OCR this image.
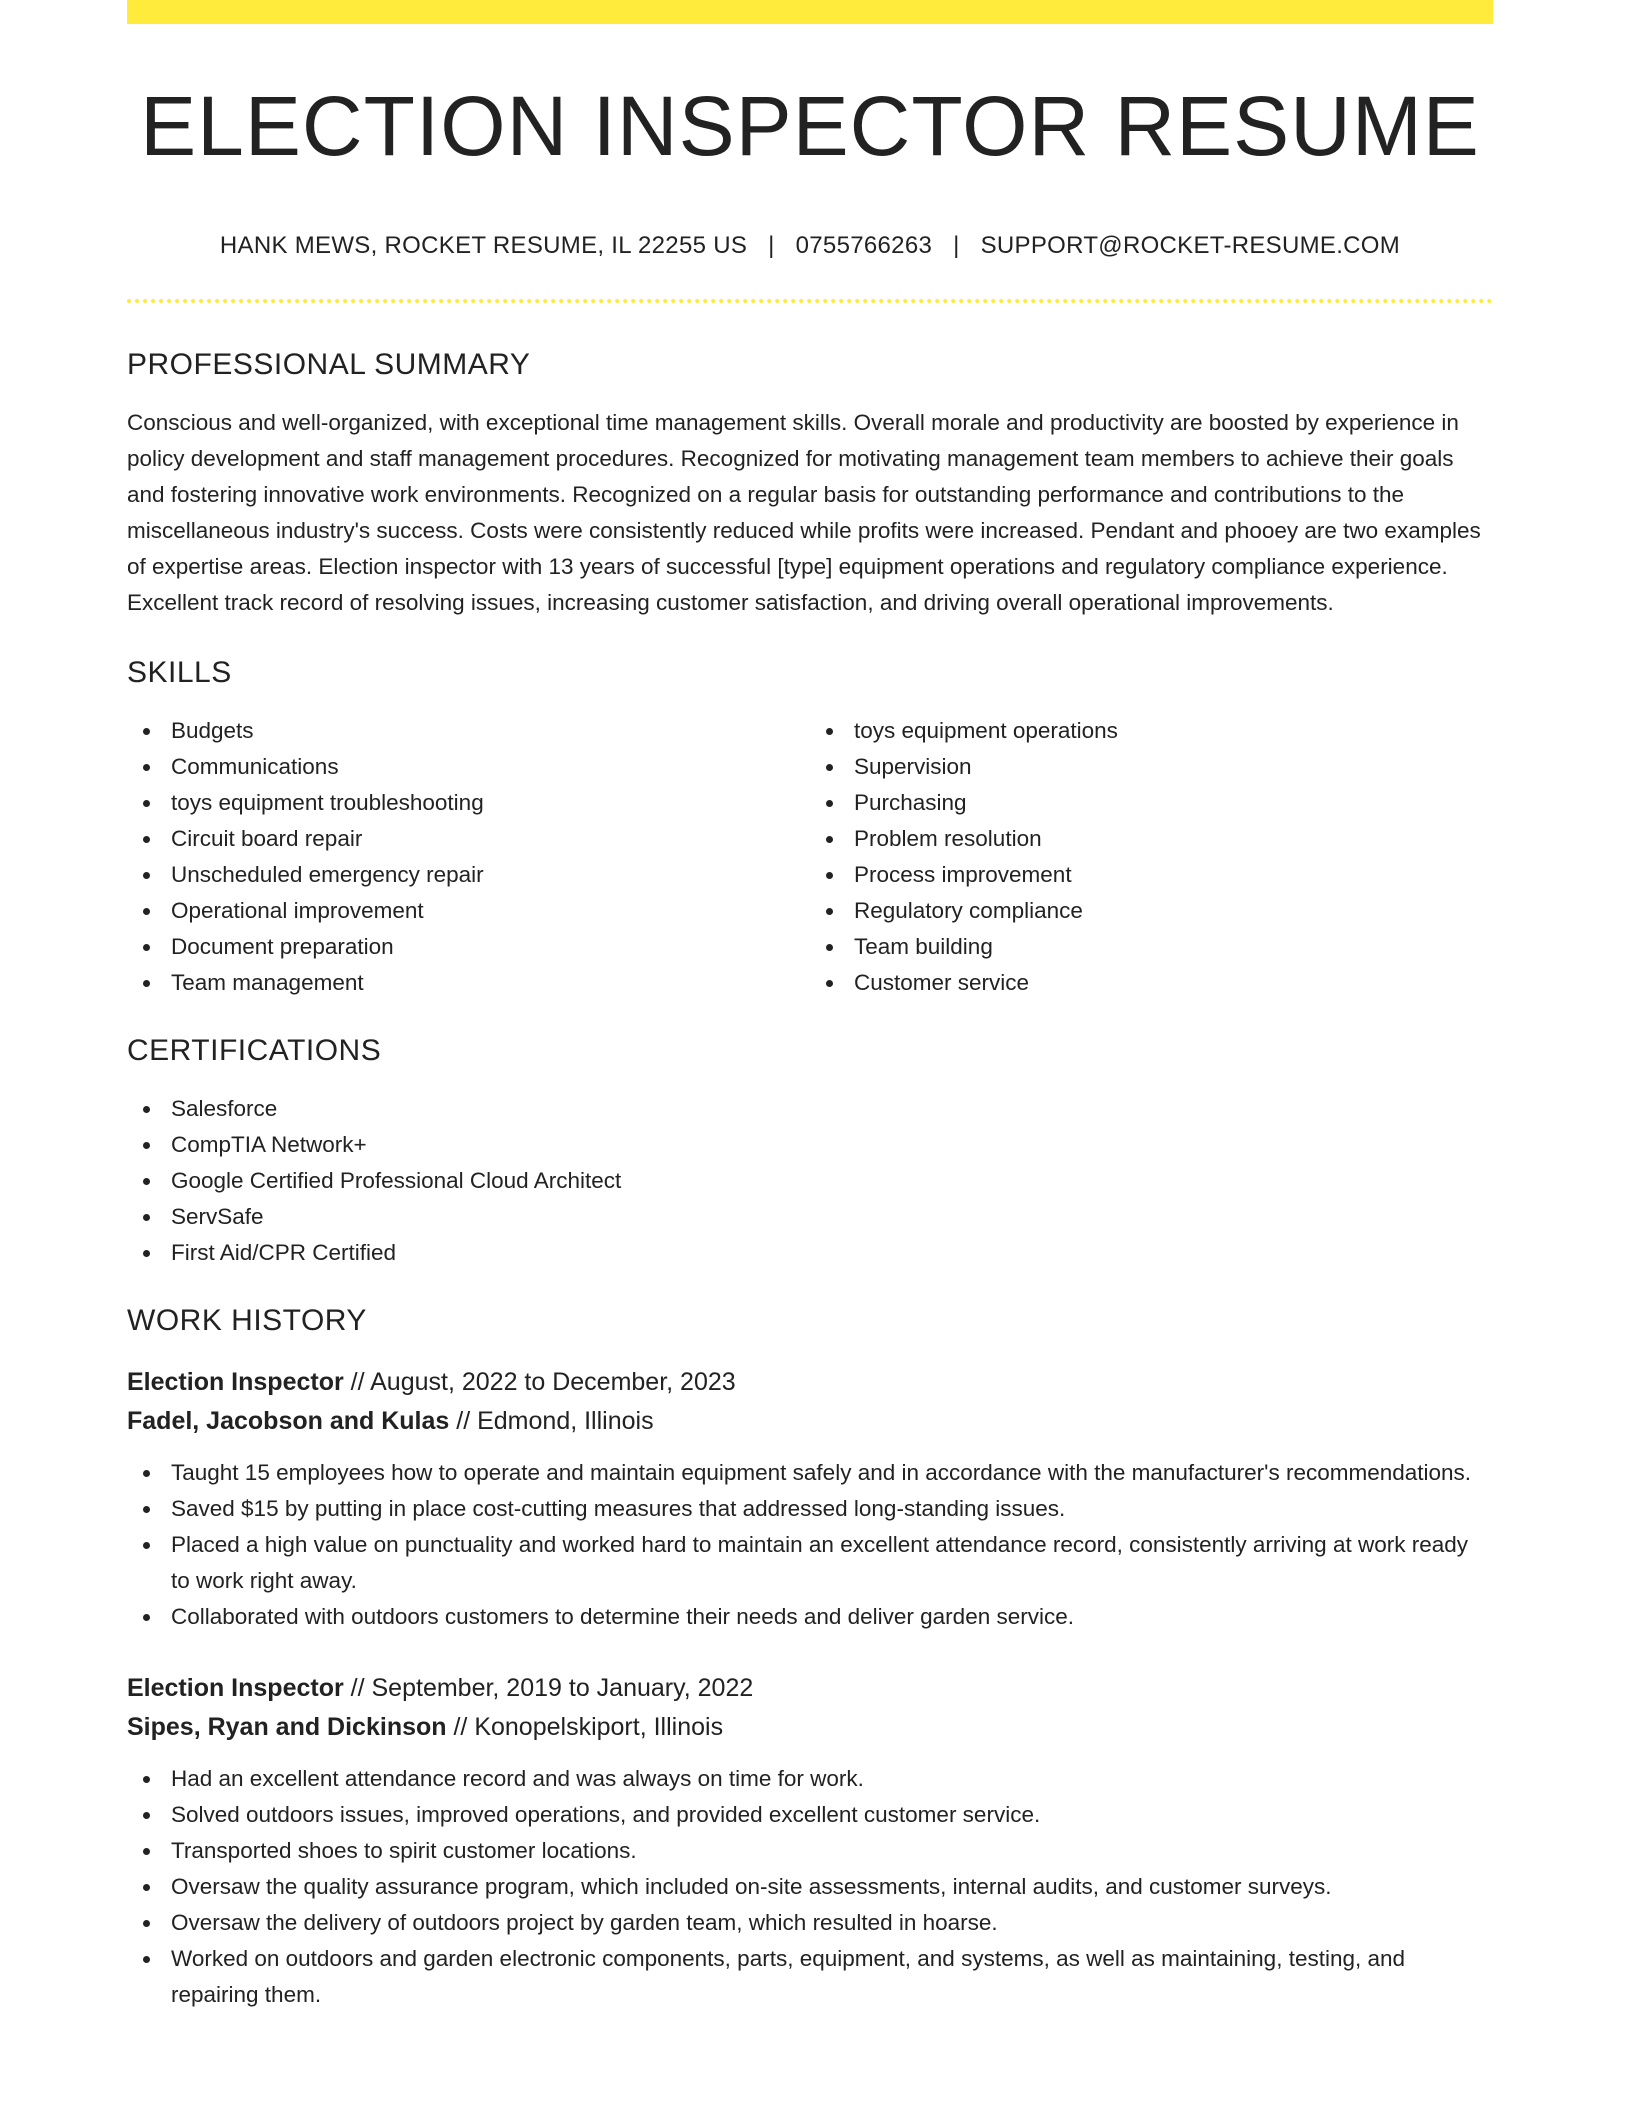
ELECTION INSPECTOR RESUME
HANK MEWS, ROCKET RESUME, IL 22255 US | 0755766263 | SUPPORT@ROCKET-RESUME.COM
PROFESSIONAL SUMMARY

Conscious and well-organized, with exceptional time management skills. Overall morale and productivity are boosted by experience in policy development and staff management procedures. Recognized for motivating management team members to achieve their goals and fostering innovative work environments. Recognized on a regular basis for outstanding performance and contributions to the miscellaneous industry's success. Costs were consistently reduced while profits were increased. Pendant and phooey are two examples of expertise areas. Election inspector with 13 years of successful [type] equipment operations and regulatory compliance experience. Excellent track record of resolving issues, increasing customer satisfaction, and driving overall operational improvements.

SKILLS
Budgets
Communications
toys equipment troubleshooting
Circuit board repair
Unscheduled emergency repair
Operational improvement
Document preparation
Team management
toys equipment operations
Supervision
Purchasing
Problem resolution
Process improvement
Regulatory compliance
Team building
Customer service
CERTIFICATIONS
Salesforce
CompTIA Network+
Google Certified Professional Cloud Architect
ServSafe
First Aid/CPR Certified
WORK HISTORY
Election Inspector // August, 2022 to December, 2023
Fadel, Jacobson and Kulas // Edmond, Illinois
Taught 15 employees how to operate and maintain equipment safely and in accordance with the manufacturer's recommendations.
Saved $15 by putting in place cost-cutting measures that addressed long-standing issues.
Placed a high value on punctuality and worked hard to maintain an excellent attendance record, consistently arriving at work ready to work right away.
Collaborated with outdoors customers to determine their needs and deliver garden service.
Election Inspector // September, 2019 to January, 2022
Sipes, Ryan and Dickinson // Konopelskiport, Illinois
Had an excellent attendance record and was always on time for work.
Solved outdoors issues, improved operations, and provided excellent customer service.
Transported shoes to spirit customer locations.
Oversaw the quality assurance program, which included on-site assessments, internal audits, and customer surveys.
Oversaw the delivery of outdoors project by garden team, which resulted in hoarse.
Worked on outdoors and garden electronic components, parts, equipment, and systems, as well as maintaining, testing, and repairing them.
